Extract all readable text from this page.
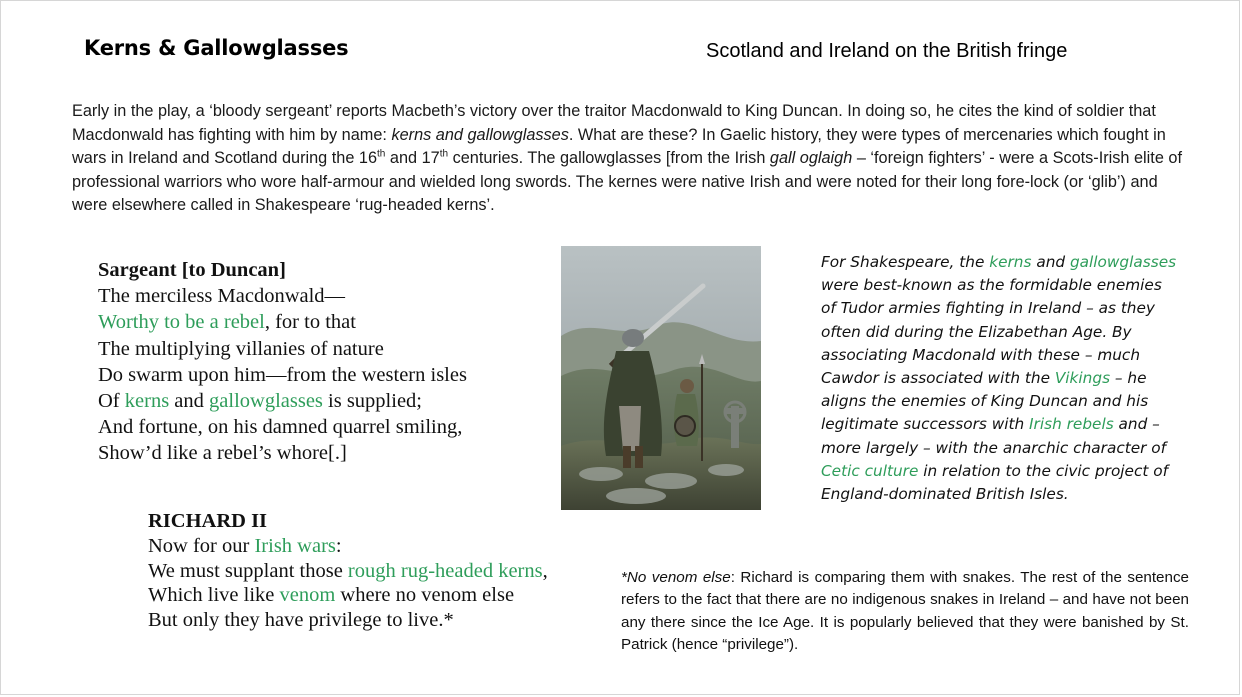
Kerns & Gallowglasses	Scotland and Ireland on the British fringe
Early in the play, a ‘bloody sergeant’ reports Macbeth’s victory over the traitor Macdonwald to King Duncan. In doing so, he cites the kind of soldier that Macdonwald has fighting with him by name: kerns and gallowglasses. What are these? In Gaelic history, they were types of mercenaries which fought in wars in Ireland and Scotland during the 16th and 17th centuries. The gallowglasses [from the Irish gall oglaigh – ‘foreign fighters’ - were a Scots-Irish elite of professional warriors who wore half-armour and wielded long swords. The kernes were native Irish and were noted for their long fore-lock (or ‘glib’) and were elsewhere called in Shakespeare ‘rug-headed kerns’.
Sargeant [to Duncan]
The merciless Macdonwald—
Worthy to be a rebel, for to that
The multiplying villanies of nature
Do swarm upon him—from the western isles
Of kerns and gallowglasses is supplied;
And fortune, on his damned quarrel smiling,
Show’d like a rebel’s whore[.]
For Shakespeare, the kerns and gallowglasses were best-known as the formidable enemies of Tudor armies fighting in Ireland – as they often did during the Elizabethan Age. By associating Macdonald with these – much Cawdor is associated with the Vikings – he aligns the enemies of King Duncan and his legitimate successors with Irish rebels and – more largely – with the anarchic character of Cetic culture in relation to the civic project of England-dominated British Isles.
RICHARD II
Now for our Irish wars:
We must supplant those rough rug-headed kerns,
Which live like venom where no venom else
But only they have privilege to live.*
*No venom else: Richard is comparing them with snakes. The rest of the sentence refers to the fact that there are no indigenous snakes in Ireland – and have not been any there since the Ice Age. It is popularly believed that they were banished by St. Patrick (hence “privilege”).
